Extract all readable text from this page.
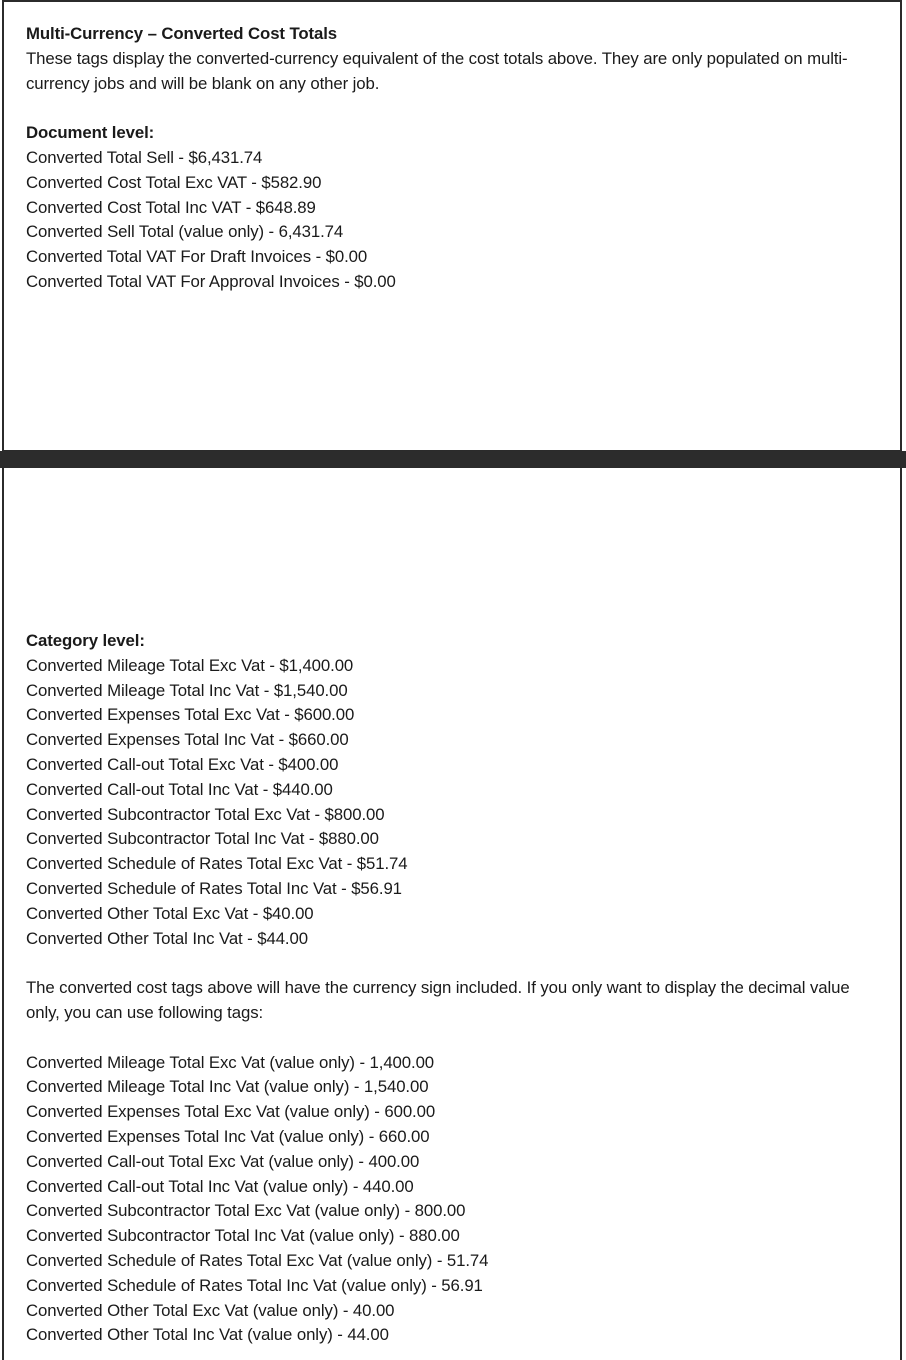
Multi-Currency – Converted Cost Totals

These tags display the converted-currency equivalent of the cost totals above. They are only populated on multi-currency jobs and will be blank on any other job.

Document level:

Converted Total Sell - $6,431.74

Converted Cost Total Exc VAT - $582.90

Converted Cost Total Inc VAT - $648.89

Converted Sell Total (value only) - 6,431.74

Converted Total VAT For Draft Invoices - $0.00

Converted Total VAT For Approval Invoices - $0.00

Category level:

Converted Mileage Total Exc Vat - $1,400.00

Converted Mileage Total Inc Vat - $1,540.00

Converted Expenses Total Exc Vat - $600.00

Converted Expenses Total Inc Vat - $660.00

Converted Call-out Total Exc Vat - $400.00

Converted Call-out Total Inc Vat - $440.00

Converted Subcontractor Total Exc Vat - $800.00

Converted Subcontractor Total Inc Vat - $880.00

Converted Schedule of Rates Total Exc Vat - $51.74

Converted Schedule of Rates Total Inc Vat - $56.91

Converted Other Total Exc Vat - $40.00

Converted Other Total Inc Vat - $44.00

The converted cost tags above will have the currency sign included. If you only want to display the decimal value only, you can use following tags:

Converted Mileage Total Exc Vat (value only) - 1,400.00

Converted Mileage Total Inc Vat (value only) - 1,540.00

Converted Expenses Total Exc Vat (value only) - 600.00

Converted Expenses Total Inc Vat (value only) - 660.00

Converted Call-out Total Exc Vat (value only) - 400.00

Converted Call-out Total Inc Vat (value only) - 440.00

Converted Subcontractor Total Exc Vat (value only) - 800.00

Converted Subcontractor Total Inc Vat (value only) - 880.00

Converted Schedule of Rates Total Exc Vat (value only) - 51.74

Converted Schedule of Rates Total Inc Vat (value only) - 56.91

Converted Other Total Exc Vat (value only) - 40.00

Converted Other Total Inc Vat (value only) - 44.00
